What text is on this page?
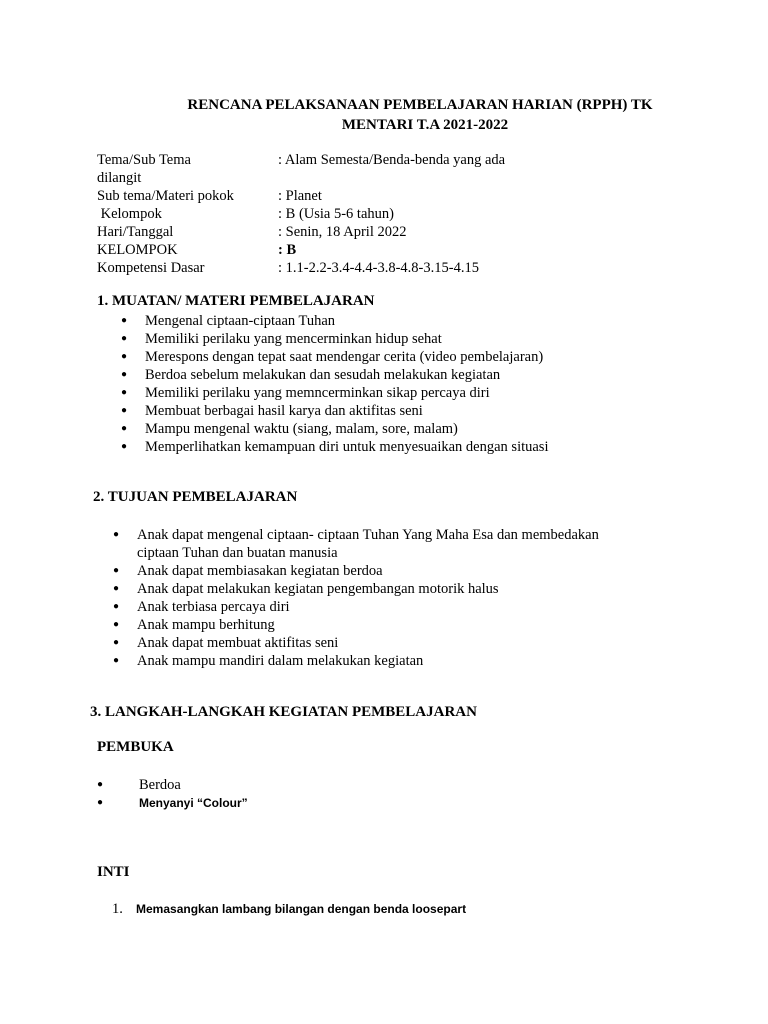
RENCANA PELAKSANAAN PEMBELAJARAN HARIAN (RPPH) TK
MENTARI T.A 2021-2022
Tema/Sub Tema	: Alam Semesta/Benda-benda yang ada
dilangit
Sub tema/Materi pokok	: Planet
Kelompok	: B (Usia 5-6 tahun)
Hari/Tanggal	: Senin, 18 April 2022
KELOMPOK	: B
Kompetensi Dasar	: 1.1-2.2-3.4-4.4-3.8-4.8-3.15-4.15
1. MUATAN/ MATERI PEMBELAJARAN
● Mengenal ciptaan-ciptaan Tuhan
● Memiliki perilaku yang mencerminkan hidup sehat
● Merespons dengan tepat saat mendengar cerita (video pembelajaran)
● Berdoa sebelum melakukan dan sesudah melakukan kegiatan
● Memiliki perilaku yang memncerminkan sikap percaya diri
● Membuat berbagai hasil karya dan aktifitas seni
● Mampu mengenal waktu (siang, malam, sore, malam)
● Memperlihatkan kemampuan diri untuk menyesuaikan dengan situasi
2. TUJUAN PEMBELAJARAN
● Anak dapat mengenal ciptaan- ciptaan Tuhan Yang Maha Esa dan membedakan
ciptaan Tuhan dan buatan manusia
● Anak dapat membiasakan kegiatan berdoa
● Anak dapat melakukan kegiatan pengembangan motorik halus
● Anak terbiasa percaya diri
● Anak mampu berhitung
● Anak dapat membuat aktifitas seni
● Anak mampu mandiri dalam melakukan kegiatan
3. LANGKAH-LANGKAH KEGIATAN PEMBELAJARAN
PEMBUKA
● Berdoa
●	Menyanyi “Colour”
INTI
1.	Memasangkan lambang bilangan dengan benda loosepart
